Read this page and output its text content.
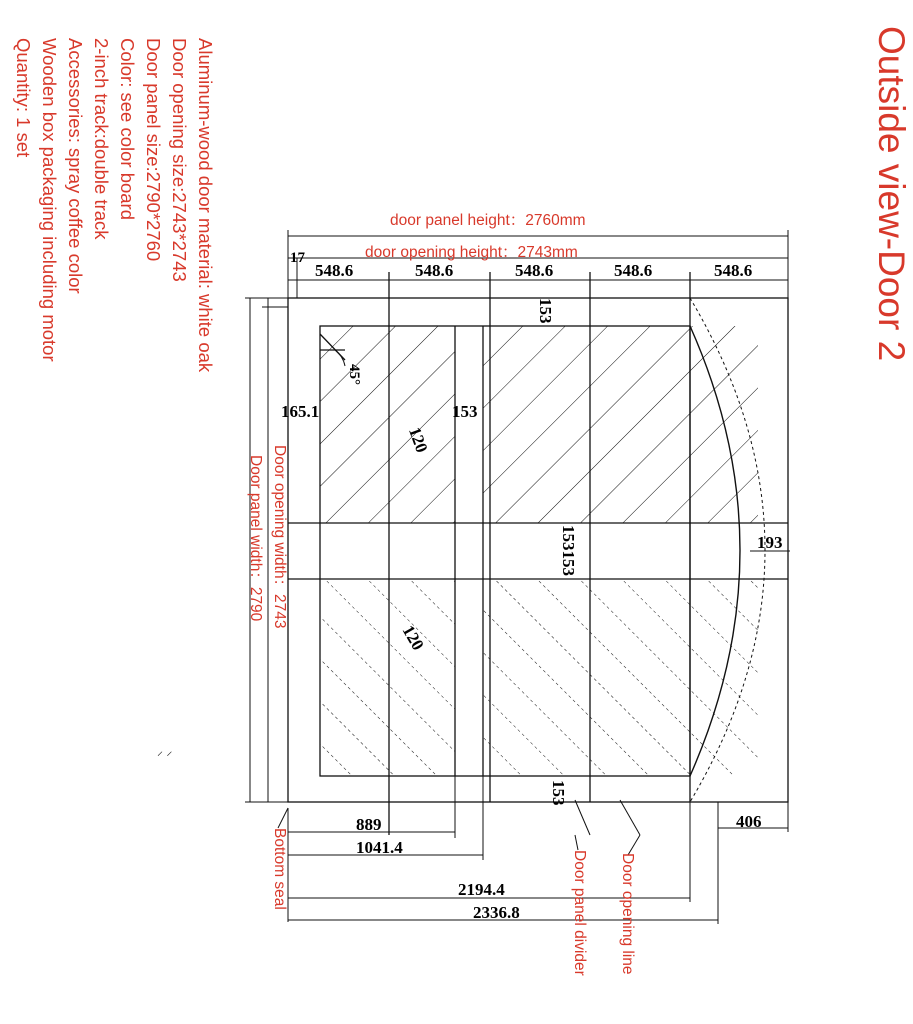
Outside view-Door 2
Aluminum-wood door material: white oak
Door opening size:2743*2743
Door panel size:2790*2760
Color: see color board
2-inch track:double track
Accessories: spray coffee color
Wooden box packaging including motor
Quantity: 1 set
⸝ ⸝
door panel height：2760mm
door opening height：2743mm
Door opening width：2743
Door panel width：2790
Bottom seal	Door panel divider Door opening line
17
548.6	548.6	548.6	548.6	548.6
153
165.1	153
45°
120
153153	193
120
153
889
1041.4
406
2194.4
2336.8
